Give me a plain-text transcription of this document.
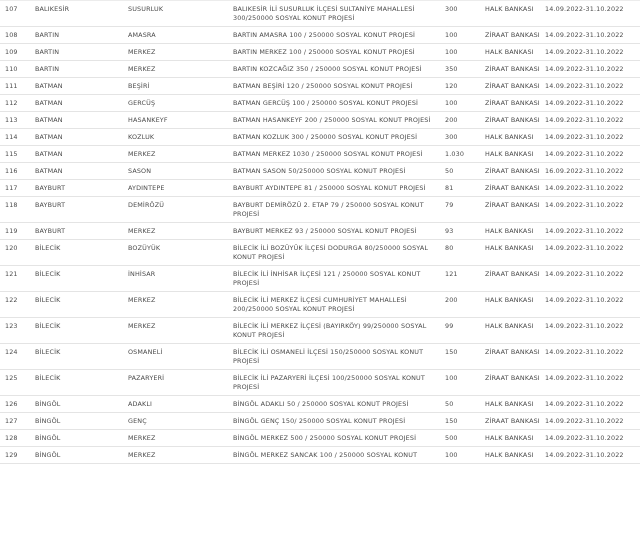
107	BALIKESİR	SUSURLUK	BALIKESİR İLİ SUSURLUK İLÇESİ SULTANİYE MAHALLESİ 300/250000 SOSYAL KONUT PROJESİ	300	HALK BANKASI	14.09.2022-31.10.2022

108	BARTIN	AMASRA	BARTIN AMASRA 100 / 250000 SOSYAL KONUT PROJESİ	100	ZİRAAT BANKASI	14.09.2022-31.10.2022

109	BARTIN	MERKEZ	BARTIN MERKEZ 100 / 250000 SOSYAL KONUT PROJESİ	100	HALK BANKASI	14.09.2022-31.10.2022

110	BARTIN	MERKEZ	BARTIN KOZCAĞIZ 350 / 250000 SOSYAL KONUT PROJESİ	350	ZİRAAT BANKASI	14.09.2022-31.10.2022

111	BATMAN	BEŞİRİ	BATMAN BEŞİRİ 120 / 250000 SOSYAL KONUT PROJESİ	120	ZİRAAT BANKASI	14.09.2022-31.10.2022

112	BATMAN	GERCÜŞ	BATMAN GERCÜŞ 100 / 250000 SOSYAL KONUT PROJESİ	100	ZİRAAT BANKASI	14.09.2022-31.10.2022

113	BATMAN	HASANKEYF	BATMAN HASANKEYF 200 / 250000 SOSYAL KONUT PROJESİ	200	ZİRAAT BANKASI	14.09.2022-31.10.2022

114	BATMAN	KOZLUK	BATMAN KOZLUK 300 / 250000 SOSYAL KONUT PROJESİ	300	HALK BANKASI	14.09.2022-31.10.2022

115	BATMAN	MERKEZ	BATMAN MERKEZ 1030 / 250000 SOSYAL KONUT PROJESİ	1.030	HALK BANKASI	14.09.2022-31.10.2022

116	BATMAN	SASON	BATMAN SASON 50/250000 SOSYAL KONUT PROJESİ	50	ZİRAAT BANKASI	16.09.2022-31.10.2022

117	BAYBURT	AYDINTEPE	BAYBURT AYDINTEPE 81 / 250000 SOSYAL KONUT PROJESİ	81	ZİRAAT BANKASI	14.09.2022-31.10.2022

118	BAYBURT	DEMİRÖZÜ	BAYBURT DEMİRÖZÜ 2. ETAP 79 / 250000 SOSYAL KONUT PROJESİ	79	ZİRAAT BANKASI	14.09.2022-31.10.2022

119	BAYBURT	MERKEZ	BAYBURT MERKEZ 93 / 250000 SOSYAL KONUT PROJESİ	93	HALK BANKASI	14.09.2022-31.10.2022

120	BİLECİK	BOZÜYÜK	BİLECİK İLİ BOZÜYÜK İLÇESİ DODURGA 80/250000 SOSYAL KONUT PROJESİ	80	HALK BANKASI	14.09.2022-31.10.2022

121	BİLECİK	İNHİSAR	BİLECİK İLİ İNHİSAR İLÇESİ 121 / 250000 SOSYAL KONUT PROJESİ	121	ZİRAAT BANKASI	14.09.2022-31.10.2022

122	BİLECİK	MERKEZ	BİLECİK İLİ MERKEZ İLÇESİ CUMHURİYET MAHALLESİ 200/250000 SOSYAL KONUT PROJESİ	200	HALK BANKASI	14.09.2022-31.10.2022

123	BİLECİK	MERKEZ	BİLECİK İLİ MERKEZ İLÇESİ (BAYIRKÖY) 99/250000 SOSYAL KONUT PROJESİ	99	HALK BANKASI	14.09.2022-31.10.2022

124	BİLECİK	OSMANELİ	BİLECİK İLİ OSMANELİ İLÇESİ 150/250000 SOSYAL KONUT PROJESİ	150	ZİRAAT BANKASI	14.09.2022-31.10.2022

125	BİLECİK	PAZARYERİ	BİLECİK İLİ PAZARYERİ İLÇESİ 100/250000 SOSYAL KONUT PROJESİ	100	ZİRAAT BANKASI	14.09.2022-31.10.2022

126	BİNGÖL	ADAKLI	BİNGÖL ADAKLI 50 / 250000 SOSYAL KONUT PROJESİ	50	HALK BANKASI	14.09.2022-31.10.2022

127	BİNGÖL	GENÇ	BİNGÖL GENÇ 150/ 250000 SOSYAL KONUT PROJESİ	150	ZİRAAT BANKASI	14.09.2022-31.10.2022

128	BİNGÖL	MERKEZ	BİNGÖL MERKEZ 500 / 250000 SOSYAL KONUT PROJESİ	500	HALK BANKASI	14.09.2022-31.10.2022

129	BİNGÖL	MERKEZ	BİNGÖL MERKEZ SANCAK 100 / 250000 SOSYAL KONUT	100	HALK BANKASI	14.09.2022-31.10.2022
